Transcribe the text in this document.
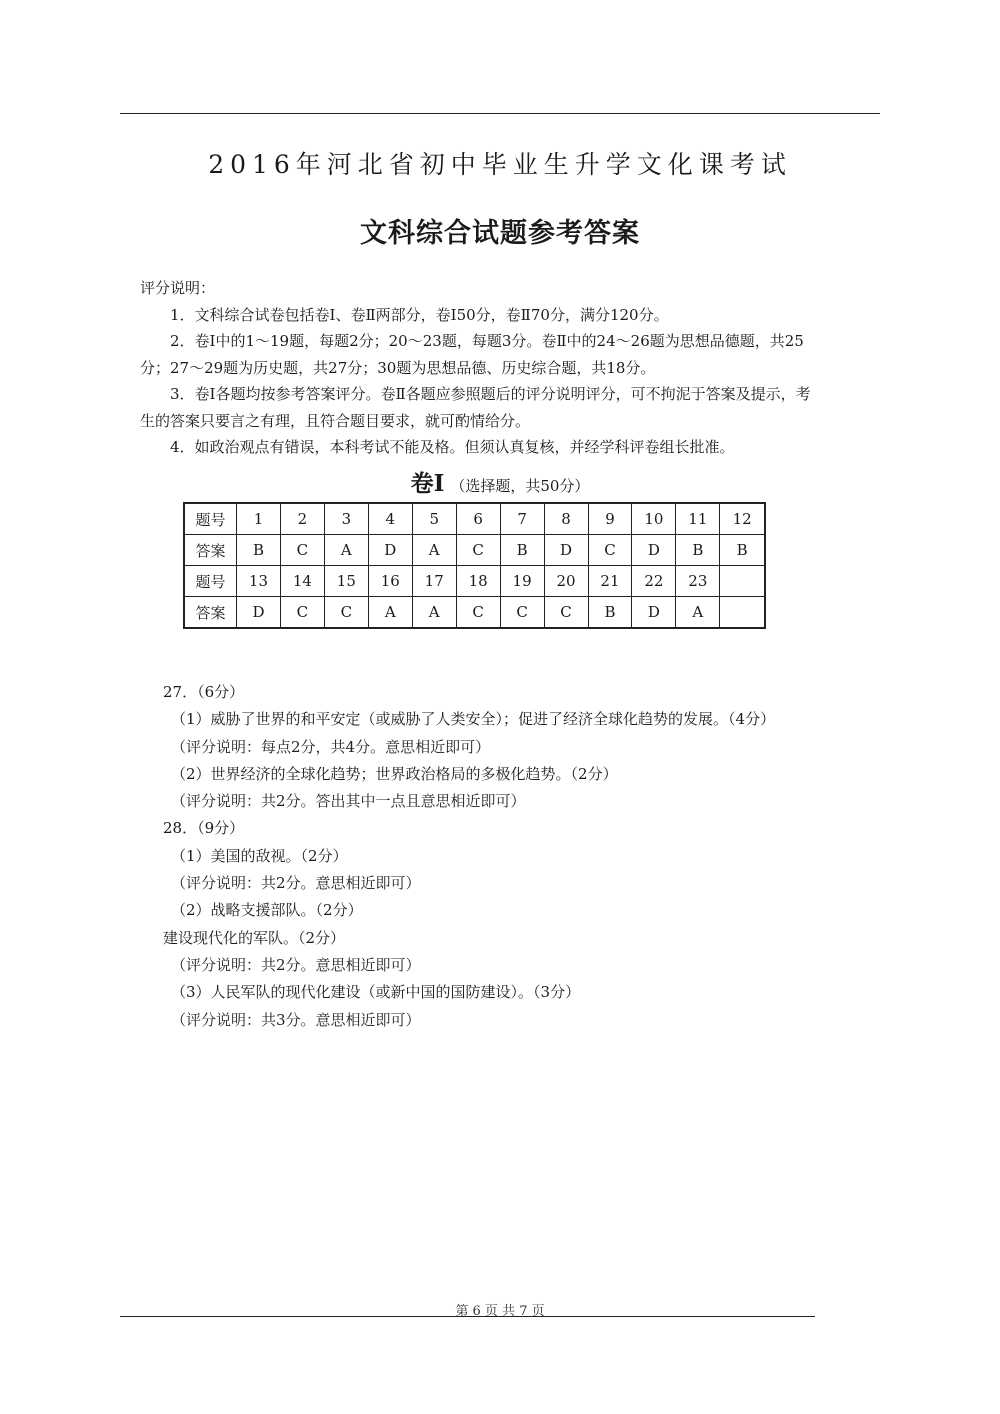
2016年河北省初中毕业生升学文化课考试
文科综合试题参考答案

评分说明：

1．文科综合试卷包括卷Ⅰ、卷Ⅱ两部分，卷Ⅰ50分，卷Ⅱ70分，满分120分。

2．卷Ⅰ中的1～19题，每题2分；20～23题，每题3分。卷Ⅱ中的24～26题为思想品德题，共25分；27～29题为历史题，共27分；30题为思想品德、历史综合题，共18分。

3．卷Ⅰ各题均按参考答案评分。卷Ⅱ各题应参照题后的评分说明评分，可不拘泥于答案及提示，考生的答案只要言之有理，且符合题目要求，就可酌情给分。

4．如政治观点有错误，本科考试不能及格。但须认真复核，并经学科评卷组长批准。

卷Ⅰ （选择题，共50分）
题号	1	2	3	4	5	6	7	8	9	10	11	12
答案	B	C	A	D	A	C	B	D	C	D	B	B
题号	13	14	15	16	17	18	19	20	21	22	23	
答案	D	C	C	A	A	C	C	C	B	D	A	

27．（6分）

（1）威胁了世界的和平安定（或威胁了人类安全）；促进了经济全球化趋势的发展。（4分）

（评分说明：每点2分，共4分。意思相近即可）

（2）世界经济的全球化趋势；世界政治格局的多极化趋势。（2分）

（评分说明：共2分。答出其中一点且意思相近即可）

28．（9分）

（1）美国的敌视。（2分）

（评分说明：共2分。意思相近即可）

（2）战略支援部队。（2分）

建设现代化的军队。（2分）

（评分说明：共2分。意思相近即可）

（3）人民军队的现代化建设（或新中国的国防建设）。（3分）

（评分说明：共3分。意思相近即可）

第 6 页 共 7 页
